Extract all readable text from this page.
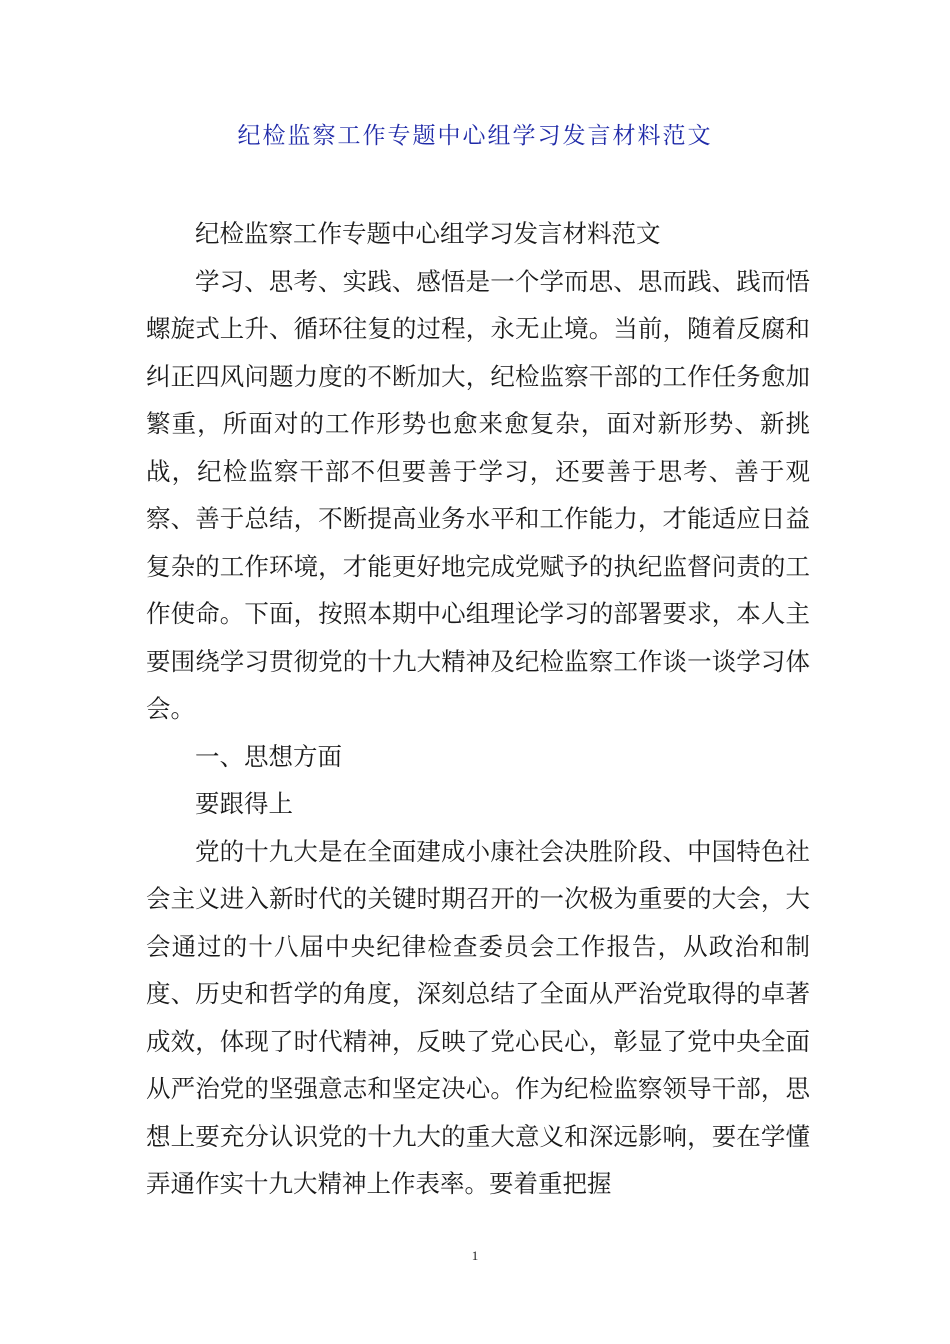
纪检监察工作专题中心组学习发言材料范文

纪检监察工作专题中心组学习发言材料范文

学习、思考、实践、感悟是一个学而思、思而践、践而悟螺旋式上升、循环往复的过程，永无止境。当前，随着反腐和纠正四风问题力度的不断加大，纪检监察干部的工作任务愈加繁重，所面对的工作形势也愈来愈复杂，面对新形势、新挑战，纪检监察干部不但要善于学习，还要善于思考、善于观察、善于总结，不断提高业务水平和工作能力，才能适应日益复杂的工作环境，才能更好地完成党赋予的执纪监督问责的工作使命。下面，按照本期中心组理论学习的部署要求，本人主要围绕学习贯彻党的十九大精神及纪检监察工作谈一谈学习体会。

一、思想方面

要跟得上

党的十九大是在全面建成小康社会决胜阶段、中国特色社会主义进入新时代的关键时期召开的一次极为重要的大会，大会通过的十八届中央纪律检查委员会工作报告，从政治和制度、历史和哲学的角度，深刻总结了全面从严治党取得的卓著成效，体现了时代精神，反映了党心民心，彰显了党中央全面从严治党的坚强意志和坚定决心。作为纪检监察领导干部，思想上要充分认识党的十九大的重大意义和深远影响，要在学懂弄通作实十九大精神上作表率。要着重把握

1
